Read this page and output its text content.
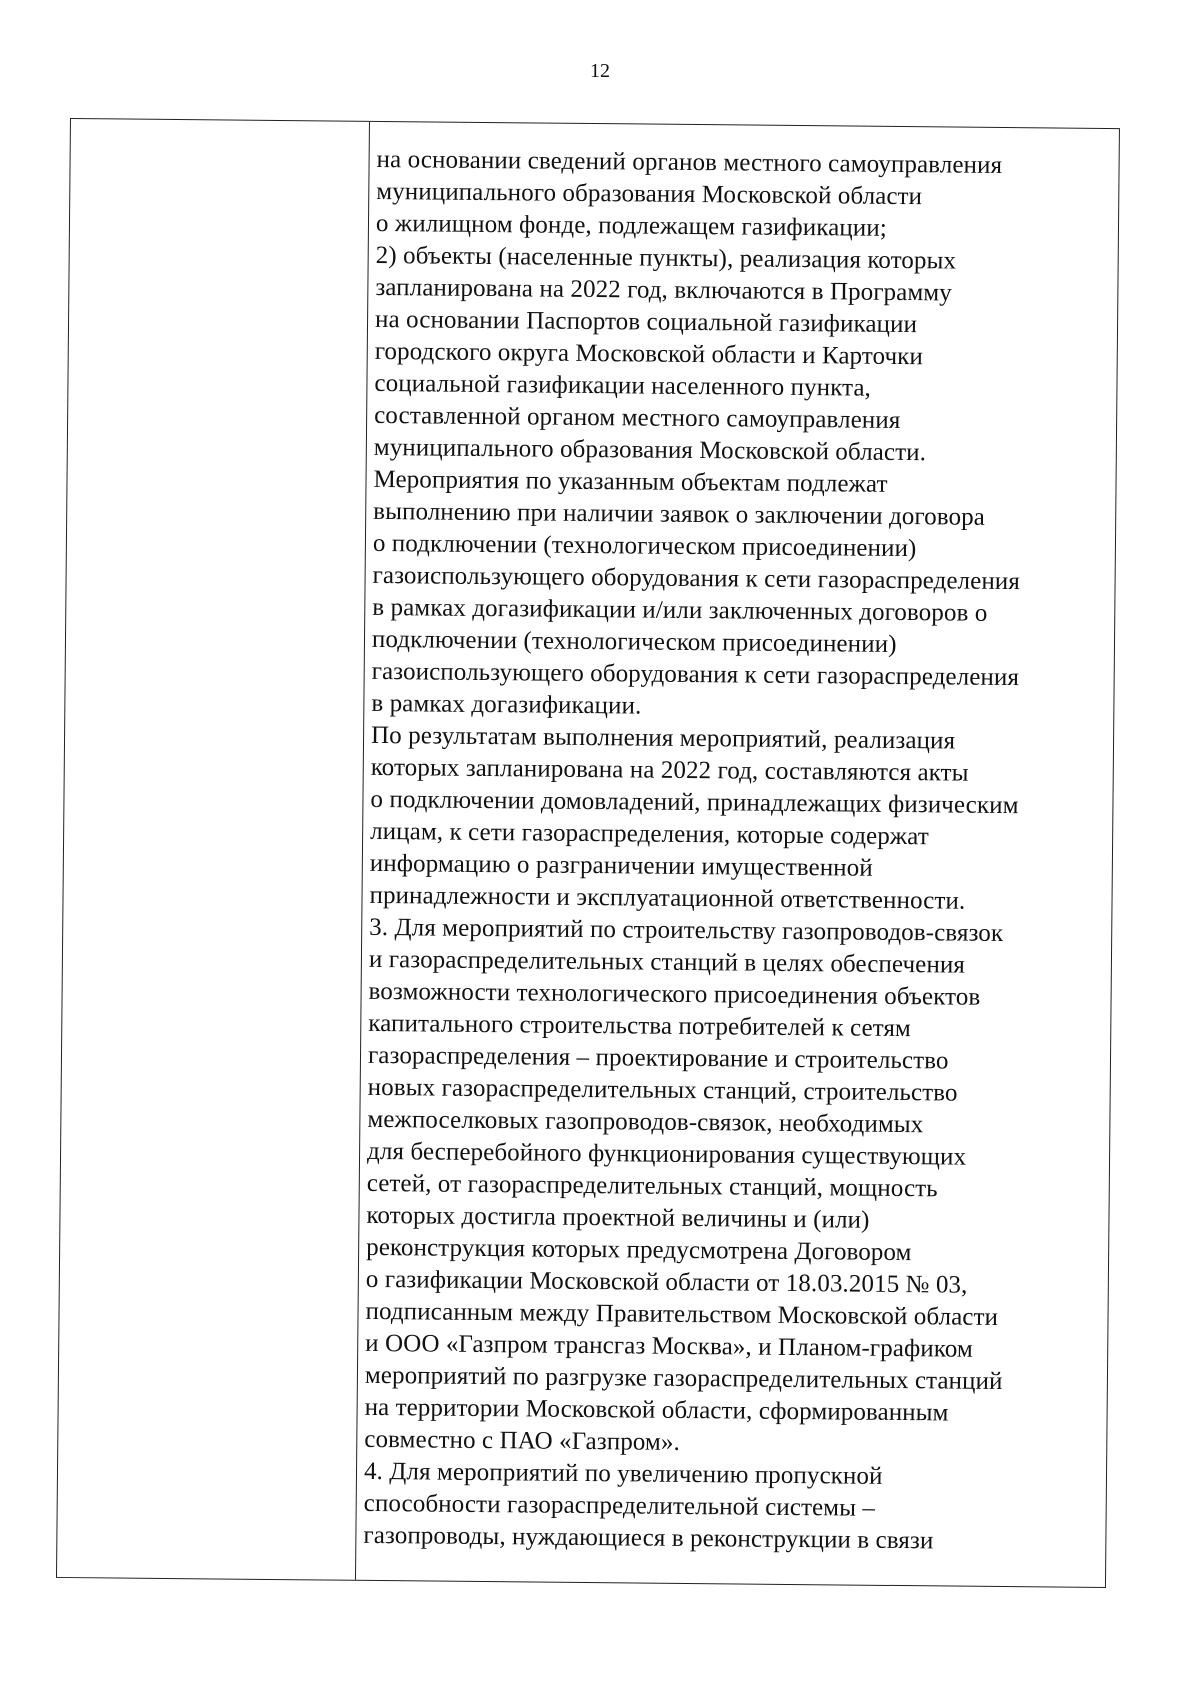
12
на основании сведений органов местного самоуправления
муниципального образования Московской области
о жилищном фонде, подлежащем газификации;
2) объекты (населенные пункты), реализация которых
запланирована на 2022 год, включаются в Программу
на основании Паспортов социальной газификации
городского округа Московской области и Карточки
социальной газификации населенного пункта,
составленной органом местного самоуправления
муниципального образования Московской области.
Мероприятия по указанным объектам подлежат
выполнению при наличии заявок о заключении договора
о подключении (технологическом присоединении)
газоиспользующего оборудования к сети газораспределения
в рамках догазификации и/или заключенных договоров о
подключении (технологическом присоединении)
газоиспользующего оборудования к сети газораспределения
в рамках догазификации.
По результатам выполнения мероприятий, реализация
которых запланирована на 2022 год, составляются акты
о подключении домовладений, принадлежащих физическим
лицам, к сети газораспределения, которые содержат
информацию о разграничении имущественной
принадлежности и эксплуатационной ответственности.
3. Для мероприятий по строительству газопроводов-связок
и газораспределительных станций в целях обеспечения
возможности технологического присоединения объектов
капитального строительства потребителей к сетям
газораспределения – проектирование и строительство
новых газораспределительных станций, строительство
межпоселковых газопроводов-связок, необходимых
для бесперебойного функционирования существующих
сетей, от газораспределительных станций, мощность
которых достигла проектной величины и (или)
реконструкция которых предусмотрена Договором
о газификации Московской области от 18.03.2015 № 03,
подписанным между Правительством Московской области
и ООО «Газпром трансгаз Москва», и Планом-графиком
мероприятий по разгрузке газораспределительных станций
на территории Московской области, сформированным
совместно с ПАО «Газпром».
4. Для мероприятий по увеличению пропускной
способности газораспределительной системы –
газопроводы, нуждающиеся в реконструкции в связи
